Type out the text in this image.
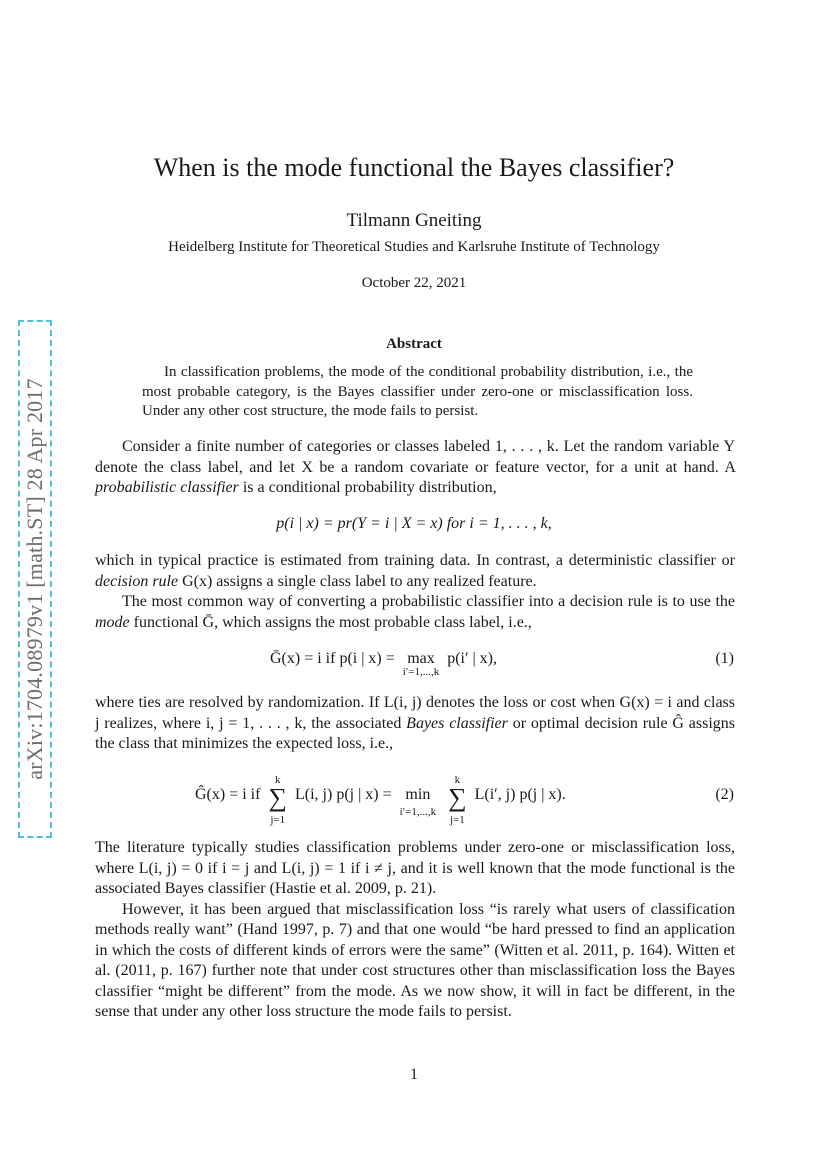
arXiv:1704.08979v1 [math.ST] 28 Apr 2017
When is the mode functional the Bayes classifier?
Tilmann Gneiting
Heidelberg Institute for Theoretical Studies and Karlsruhe Institute of Technology
October 22, 2021
Abstract
In classification problems, the mode of the conditional probability distribution, i.e., the most probable category, is the Bayes classifier under zero-one or misclassification loss. Under any other cost structure, the mode fails to persist.
Consider a finite number of categories or classes labeled 1, . . . , k. Let the random variable Y denote the class label, and let X be a random covariate or feature vector, for a unit at hand. A probabilistic classifier is a conditional probability distribution,
p(i | x) = pr(Y = i | X = x) for i = 1, . . . , k,
which in typical practice is estimated from training data. In contrast, a deterministic classifier or decision rule G(x) assigns a single class label to any realized feature.
The most common way of converting a probabilistic classifier into a decision rule is to use the mode functional Ḡ, which assigns the most probable class label, i.e.,
Ḡ(x) = i if p(i | x) = max
$^{i'=1,...,k}$ p(i′ | x),	(1)
where ties are resolved by randomization. If L(i, j) denotes the loss or cost when G(x) = i and class j realizes, where i, j = 1, . . . , k, the associated Bayes classifier or optimal decision rule Ĝ assigns the class that minimizes the expected loss, i.e.,
Ĝ(x) = i if k
∑
j=1 L(i, j) p(j | x) = min
i′=1,...,k k
∑
j=1 L(i′, j) p(j | x).	(2)
The literature typically studies classification problems under zero-one or misclassification loss, where L(i, j) = 0 if i = j and L(i, j) = 1 if i ≠ j, and it is well known that the mode functional is the associated Bayes classifier (Hastie et al. 2009, p. 21).
However, it has been argued that misclassification loss “is rarely what users of classification methods really want” (Hand 1997, p. 7) and that one would “be hard pressed to find an application in which the costs of different kinds of errors were the same” (Witten et al. 2011, p. 164). Witten et al. (2011, p. 167) further note that under cost structures other than misclassification loss the Bayes classifier “might be different” from the mode. As we now show, it will in fact be different, in the sense that under any other loss structure the mode fails to persist.
1
